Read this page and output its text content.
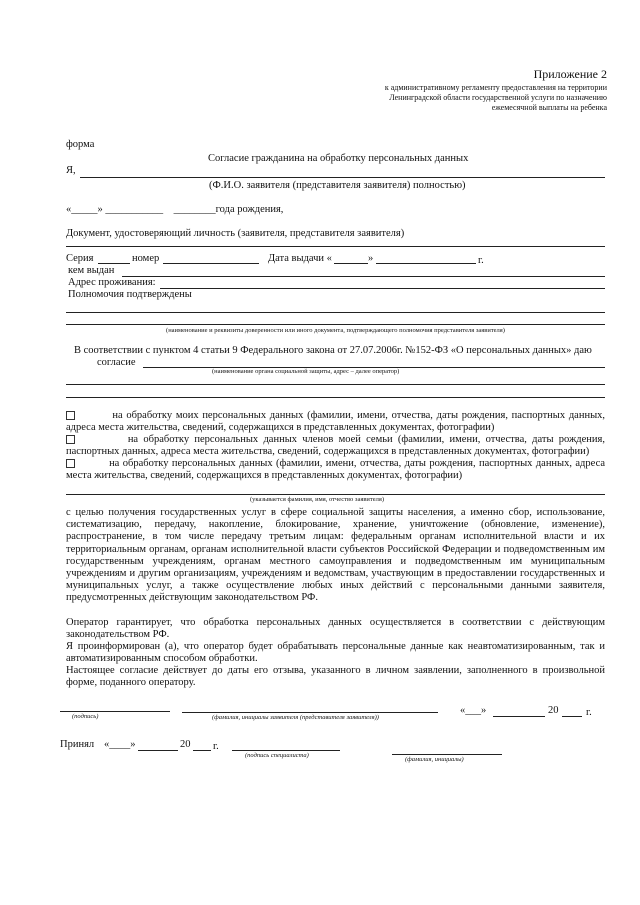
Приложение 2
к административному регламенту предоставления на территории
Ленинградской области государственной услуги по назначению
ежемесячной выплаты на ребенка
форма
Согласие гражданина на обработку персональных данных
Я,
(Ф.И.О. заявителя (представителя заявителя) полностью)
«_____» ___________ ________года рождения,
Документ, удостоверяющий личность (заявителя, представителя заявителя)
Серия	номер	Дата выдачи «	»	г.
кем выдан
Адрес проживания:
Полномочия подтверждены
(наименование и реквизиты доверенности или иного документа, подтверждающего полномочия представителя заявителя)
В соответствии с пунктом 4 статьи 9 Федерального закона от 27.07.2006г. №152-ФЗ «О персональных данных» даю
согласие
(наименование органа социальной защиты, адрес – далее оператор)
на обработку моих персональных данных (фамилии, имени, отчества, даты рождения, паспортных данных, адреса места жительства, сведений, содержащихся в представленных документах, фотографии)
на обработку персональных данных членов моей семьи (фамилии, имени, отчества, даты рождения, паспортных данных, адреса места жительства, сведений, содержащихся в представленных документах, фотографии)
на обработку персональных данных (фамилии, имени, отчества, даты рождения, паспортных данных, адреса места жительства, сведений, содержащихся в представленных документах, фотографии)
(указывается фамилия, имя, отчество заявителя)
с целью получения государственных услуг в сфере социальной защиты населения, а именно сбор, использование, систематизацию, передачу, накопление, блокирование, хранение, уничтожение (обновление, изменение), распространение, в том числе передачу третьим лицам: федеральным органам исполнительной власти и их территориальным органам, органам исполнительной власти субъектов Российской Федерации и подведомственным им государственным учреждениям, органам местного самоуправления и подведомственным им муниципальным учреждениям и другим организациям, учреждениям и ведомствам, участвующим в предоставлении государственных и муниципальных услуг, а также осуществление любых иных действий с персональными данными заявителя, предусмотренных действующим законодательством РФ.
Оператор гарантирует, что обработка персональных данных осуществляется в соответствии с действующим законодательством РФ.
Я проинформирован (а), что оператор будет обрабатывать персональные данные как неавтоматизированным, так и автоматизированным способом обработки.
Настоящее согласие действует до даты его отзыва, указанного в личном заявлении, заполненного в произвольной форме, поданного оператору.
(подпись)	(фамилия, инициалы заявителя (представителя заявителя))
«___»	20	г.
Принял «____»	20 г.
(подпись специалиста)
(фамилия, инициалы)
